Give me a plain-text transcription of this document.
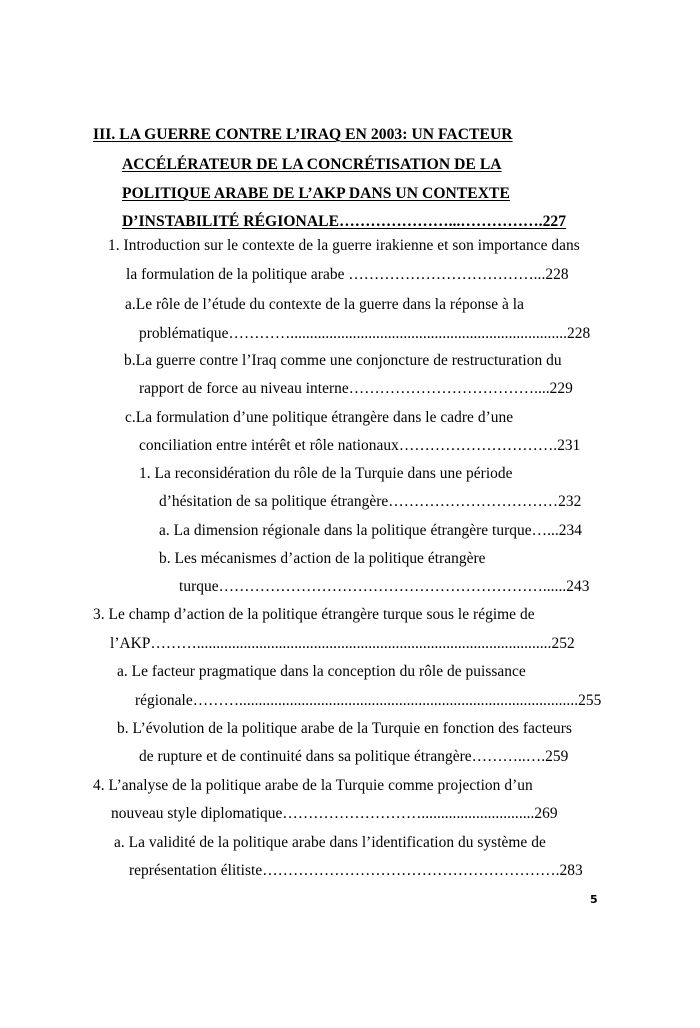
III. LA GUERRE CONTRE L’IRAQ EN 2003: UN FACTEUR
ACCÉLÉRATEUR DE LA CONCRÉTISATION DE LA
POLITIQUE ARABE DE L’AKP DANS UN CONTEXTE
D’INSTABILITÉ RÉGIONALE…………………...…………….227
1. Introduction sur le contexte de la guerre irakienne et son importance dans
la formulation de la politique arabe ………………………………...228
a.Le rôle de l’étude du contexte de la guerre dans la réponse à la
problématique………….......................................................................228
b.La guerre contre l’Iraq comme une conjoncture de restructuration du
rapport de force au niveau interne………………………………....229
c.La formulation d’une politique étrangère dans le cadre d’une
conciliation entre intérêt et rôle nationaux………………………….231
1. La reconsidération du rôle de la Turquie dans une période
d’hésitation de sa politique étrangère……………………………232
a. La dimension régionale dans la politique étrangère turque…...234
b. Les mécanismes d’action de la politique étrangère
turque………………………………………………………......243
3. Le champ d’action de la politique étrangère turque sous le régime de
l’AKP………...........................................................................................252
a. Le facteur pragmatique dans la conception du rôle de puissance
régionale……….......................................................................................255
b. L’évolution de la politique arabe de la Turquie en fonction des facteurs
de rupture et de continuité dans sa politique étrangère………..….259
4. L’analyse de la politique arabe de la Turquie comme projection d’un
nouveau style diplomatique……………………….............................269
a. La validité de la politique arabe dans l’identification du système de
représentation élitiste………………………………………………….283
5
